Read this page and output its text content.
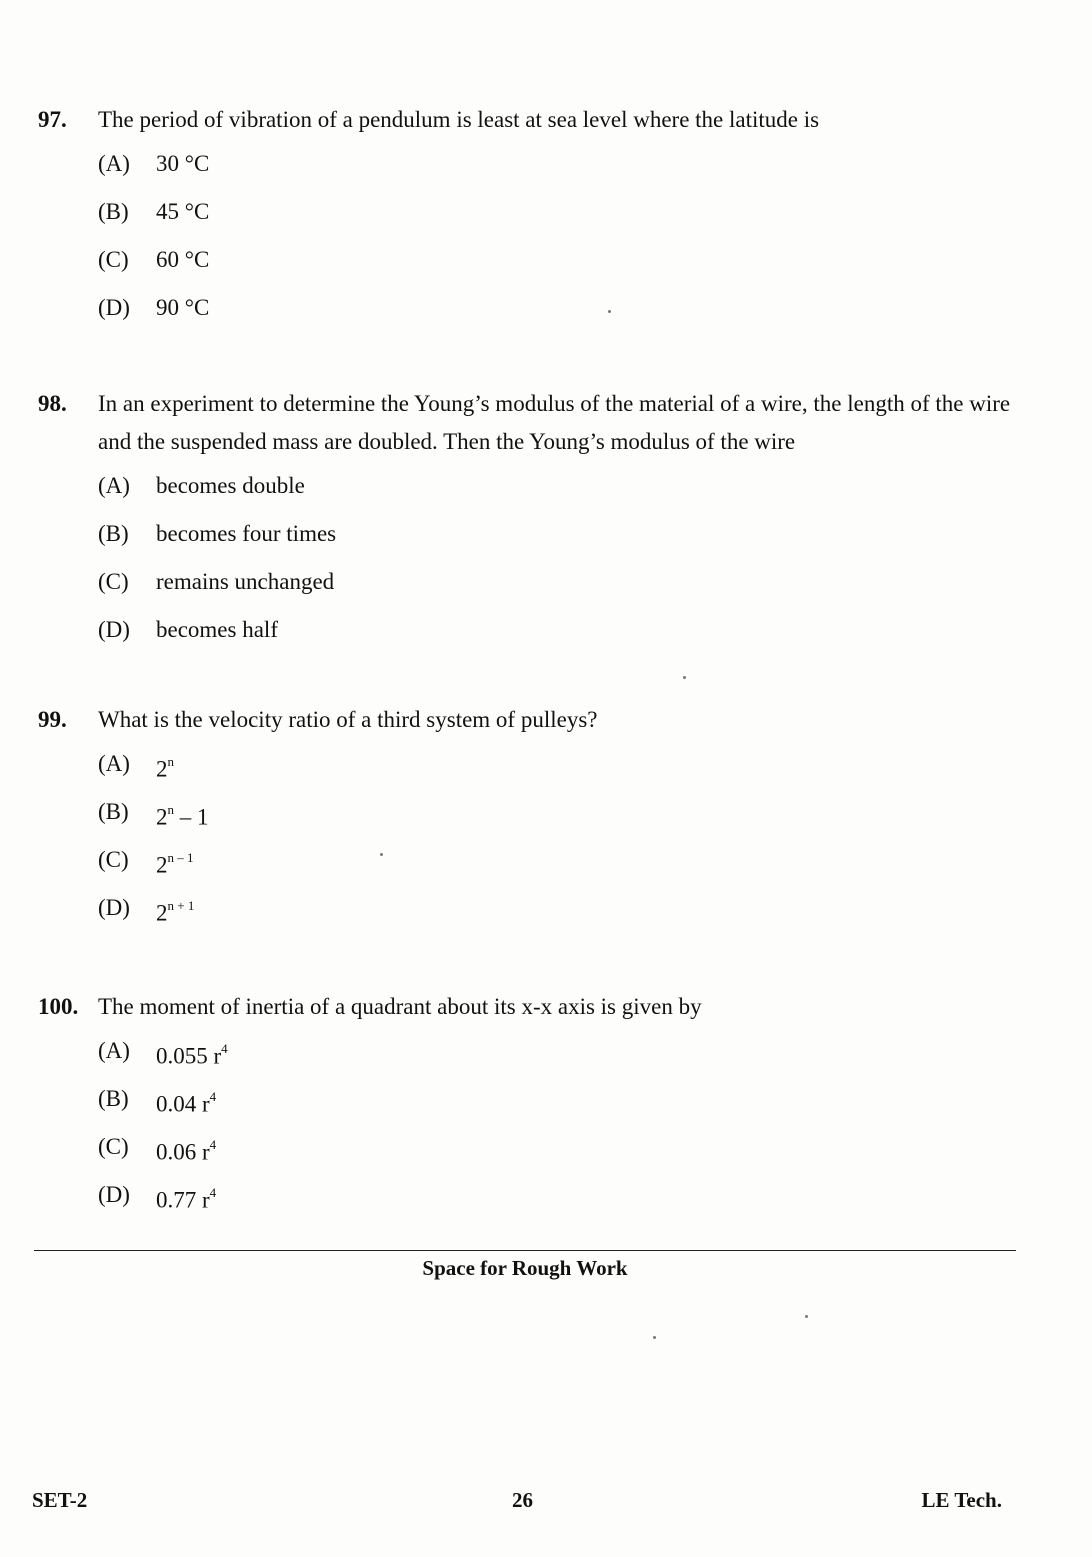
97.	The period of vibration of a pendulum is least at sea level where the latitude is
(A)	30 °C
(B)	45 °C
(C)	60 °C
(D)	90 °C
98.	In an experiment to determine the Young’s modulus of the material of a wire, the length of the wire and the suspended mass are doubled. Then the Young’s modulus of the wire
(A)	becomes double
(B)	becomes four times
(C)	remains unchanged
(D)	becomes half
99.	What is the velocity ratio of a third system of pulleys?
(A)	2$^n$
(B)	2$^n$ – 1
(C)	2$^{n - 1}$
(D)	$2^{n + 1}$
100. The moment of inertia of a quadrant about its x-x axis is given by
(A)	0.055 $r^4$
(B)	0.04 $r^4$
(C)	0.06 $r^4$
(D)	0.77 $r^4$
Space for Rough Work
SET-2	26	LE Tech.
